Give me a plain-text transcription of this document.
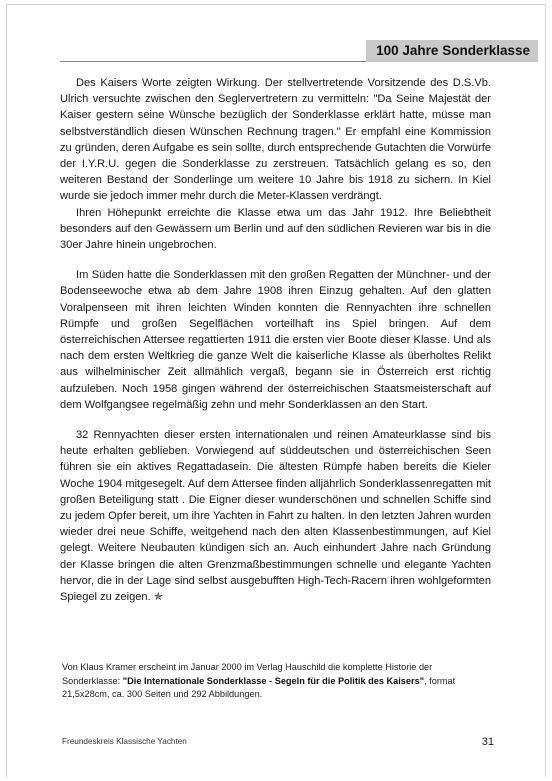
100 Jahre Sonderklasse

Des Kaisers Worte zeigten Wirkung. Der stellvertretende Vorsitzende des D.S.Vb. Ulrich versuchte zwischen den Seglervertretern zu vermitteln: "Da Seine Majestät der Kaiser gestern seine Wünsche bezüglich der Sonderklasse erklärt hatte, müsse man selbstverständlich diesen Wünschen Rechnung tragen." Er empfahl eine Kommission zu gründen, deren Aufgabe es sein sollte, durch entsprechende Gutachten die Vorwürfe der I.Y.R.U. gegen die Sonderklasse zu zerstreuen. Tatsächlich gelang es so, den weiteren Bestand der Sonderlinge um weitere 10 Jahre bis 1918 zu sichern. In Kiel wurde sie jedoch immer mehr durch die Meter-Klassen verdrängt.

Ihren Höhepunkt erreichte die Klasse etwa um das Jahr 1912. Ihre Beliebtheit besonders auf den Gewässern um Berlin und auf den südlichen Revieren war bis in die 30er Jahre hinein ungebrochen.

Im Süden hatte die Sonderklassen mit den großen Regatten der Münchner- und der Bodenseewoche etwa ab dem Jahre 1908 ihren Einzug gehalten. Auf den glatten Voralpenseen mit ihren leichten Winden konnten die Rennyachten ihre schnellen Rümpfe und großen Segelflächen vorteilhaft ins Spiel bringen. Auf dem österreichischen Attersee regattierten 1911 die ersten vier Boote dieser Klasse. Und als nach dem ersten Weltkrieg die ganze Welt die kaiserliche Klasse als überholtes Relikt aus wilhelminischer Zeit allmählich vergaß, begann sie in Österreich erst richtig aufzuleben. Noch 1958 gingen während der österreichischen Staatsmeisterschaft auf dem Wolfgangsee regelmäßig zehn und mehr Sonderklassen an den Start.

32 Rennyachten dieser ersten internationalen und reinen Amateurklasse sind bis heute erhalten geblieben. Vorwiegend auf süddeutschen und österreichischen Seen führen sie ein aktives Regattadasein. Die ältesten Rümpfe haben bereits die Kieler Woche 1904 mitgesegelt. Auf dem Attersee finden alljährlich Sonderklassenregatten mit großen Beteiligung statt . Die Eigner dieser wunderschönen und schnellen Schiffe sind zu jedem Opfer bereit, um ihre Yachten in Fahrt zu halten. In den letzten Jahren wurden wieder drei neue Schiffe, weitgehend nach den alten Klassenbestimmungen, auf Kiel gelegt. Weitere Neubauten kündigen sich an. Auch einhundert Jahre nach Gründung der Klasse bringen die alten Grenzmaßbestimmungen schnelle und elegante Yachten hervor, die in der Lage sind selbst ausgebufften High-Tech-Racern ihren wohlgeformten Spiegel zu zeigen. ✯

Von Klaus Kramer erscheint im Januar 2000 im Verlag Hauschild die komplette Historie der Sonderklasse: "Die Internationale Sonderklasse - Segeln für die Politik des Kaisers", format 21,5x28cm, ca. 300 Seiten und 292 Abbildungen.
Freundeskreis Klassische Yachten	31
